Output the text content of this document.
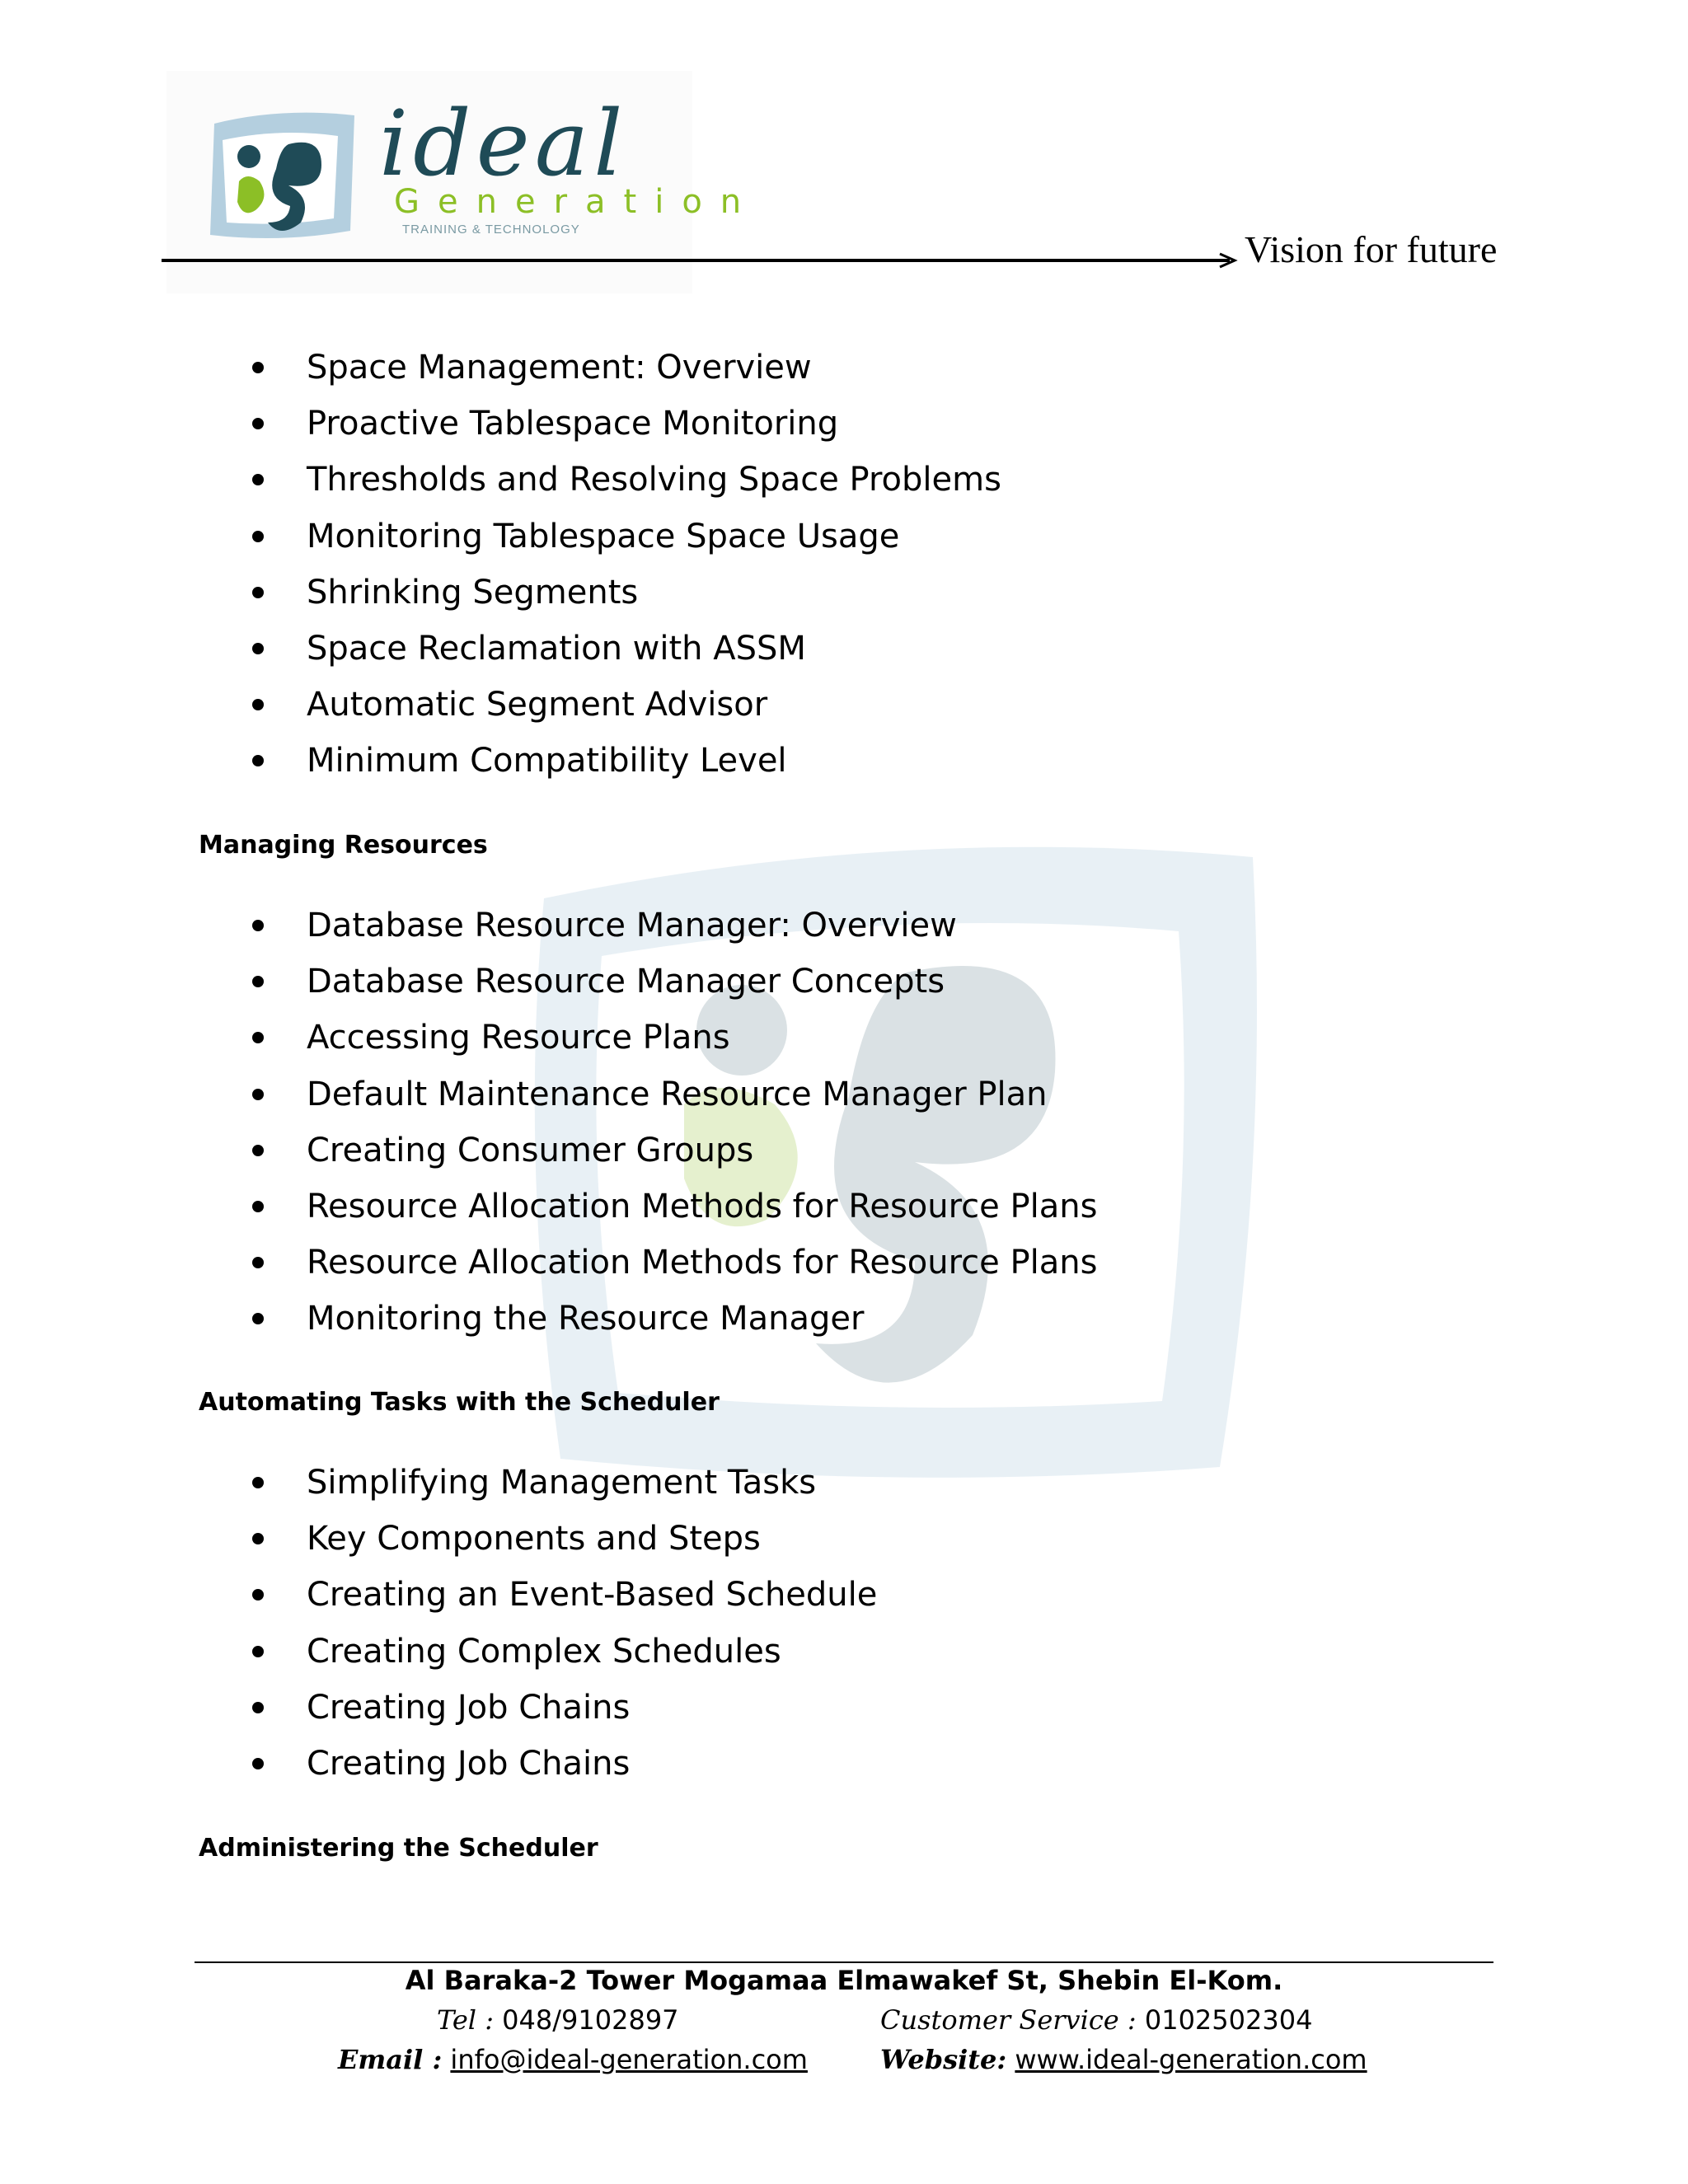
ideal
Generation
TRAINING & TECHNOLOGY	Vision for future
Space Management: Overview
Proactive Tablespace Monitoring
Thresholds and Resolving Space Problems
Monitoring Tablespace Space Usage
Shrinking Segments
Space Reclamation with ASSM
Automatic Segment Advisor
Minimum Compatibility Level
Managing Resources
Database Resource Manager: Overview
Database Resource Manager Concepts
Accessing Resource Plans
Default Maintenance Resource Manager Plan
Creating Consumer Groups
Resource Allocation Methods for Resource Plans
Resource Allocation Methods for Resource Plans
Monitoring the Resource Manager
Automating Tasks with the Scheduler
Simplifying Management Tasks
Key Components and Steps
Creating an Event-Based Schedule
Creating Complex Schedules
Creating Job Chains
Creating Job Chains
Administering the Scheduler
Al Baraka-2 Tower Mogamaa Elmawakef St, Shebin El-Kom.
Tel : 048/9102897	Customer Service : 0102502304
Email : info@ideal-generation.com	Website: www.ideal-generation.com
